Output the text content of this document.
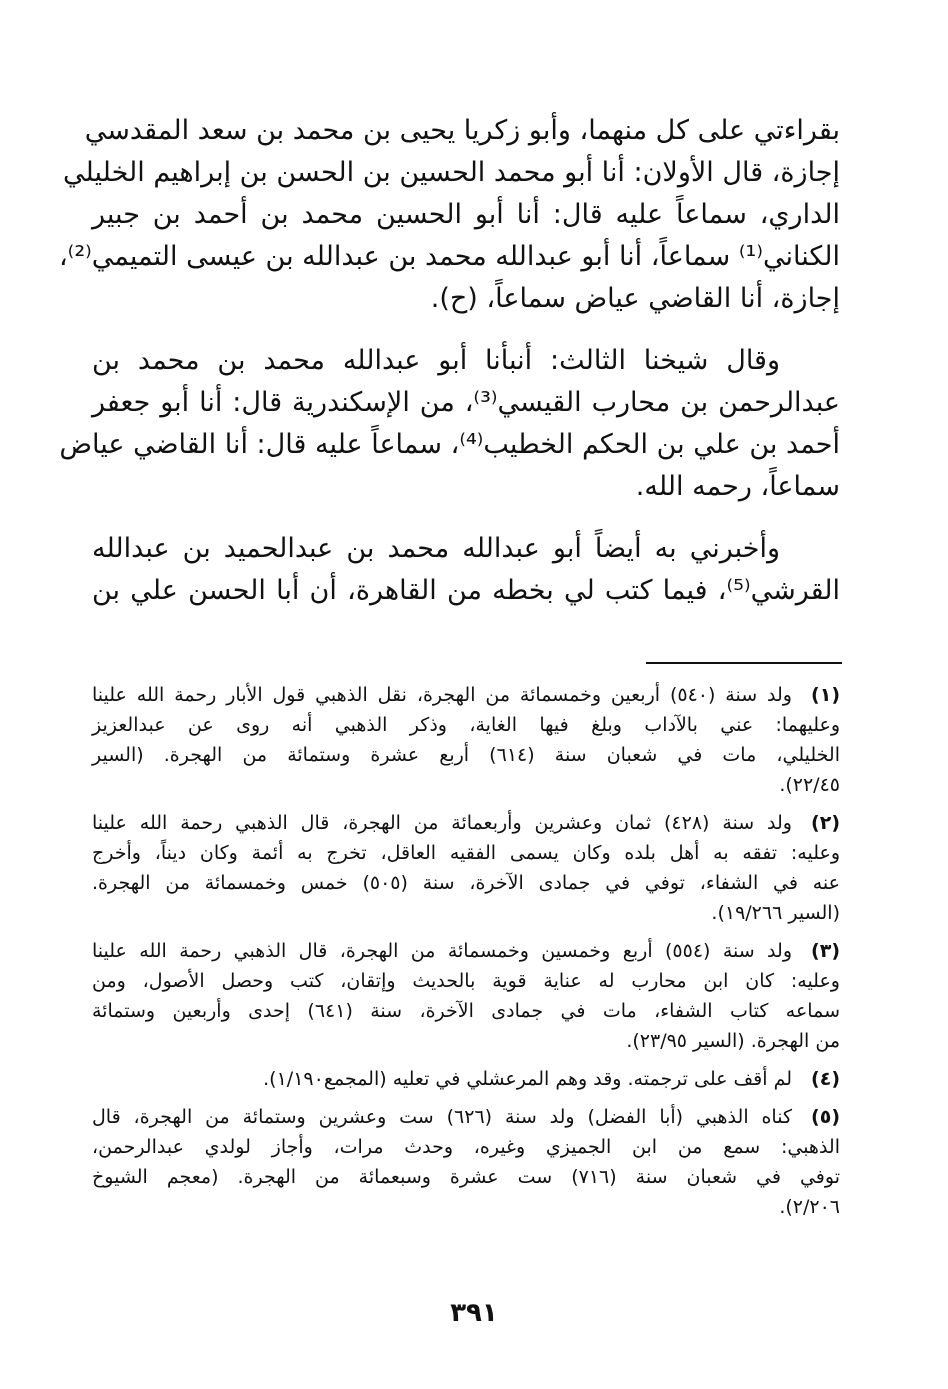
بقراءتي على كل منهما، وأبو زكريا يحيى بن محمد بن سعد المقدسي
إجازة، قال الأولان: أنا أبو محمد الحسين بن الحسن بن إبراهيم الخليلي
الداري، سماعاً عليه قال: أنا أبو الحسين محمد بن أحمد بن جبير
الكناني⁽¹⁾ سماعاً، أنا أبو عبدالله محمد بن عبدالله بن عيسى التميمي⁽²⁾،
إجازة، أنا القاضي عياض سماعاً، (ح).
وقال شيخنا الثالث: أنبأنا أبو عبدالله محمد بن محمد بن
عبدالرحمن بن محارب القيسي⁽³⁾، من الإسكندرية قال: أنا أبو جعفر
أحمد بن علي بن الحكم الخطيب⁽⁴⁾، سماعاً عليه قال: أنا القاضي عياض
سماعاً، رحمه الله.
وأخبرني به أيضاً أبو عبدالله محمد بن عبدالحميد بن عبدالله
القرشي⁽⁵⁾، فيما كتب لي بخطه من القاهرة، أن أبا الحسن علي بن
(١)
ولد سنة (٥٤٠) أربعين وخمسمائة من الهجرة، نقل الذهبي قول الأبار رحمة الله علينا
وعليهما: عني بالآداب وبلغ فيها الغاية، وذكر الذهبي أنه روى عن عبدالعزيز
الخليلي، مات في شعبان سنة (٦١٤) أربع عشرة وستمائة من الهجرة. (السير
٢٢/٤٥).
(٢)
ولد سنة (٤٢٨) ثمان وعشرين وأربعمائة من الهجرة، قال الذهبي رحمة الله علينا
وعليه: تفقه به أهل بلده وكان يسمى الفقيه العاقل، تخرج به أئمة وكان ديناً، وأخرج
عنه في الشفاء، توفي في جمادى الآخرة، سنة (٥٠٥) خمس وخمسمائة من الهجرة.
(السير ١٩/٢٦٦).
(٣)
ولد سنة (٥٥٤) أربع وخمسين وخمسمائة من الهجرة، قال الذهبي رحمة الله علينا
وعليه: كان ابن محارب له عناية قوية بالحديث وإتقان، كتب وحصل الأصول، ومن
سماعه كتاب الشفاء، مات في جمادى الآخرة، سنة (٦٤١) إحدى وأربعين وستمائة
من الهجرة. (السير ٢٣/٩٥).
(٤)
لم أقف على ترجمته. وقد وهم المرعشلي في تعليه (المجمع١/١٩٠).
(٥)
كناه الذهبي (أبا الفضل) ولد سنة (٦٢٦) ست وعشرين وستمائة من الهجرة، قال
الذهبي: سمع من ابن الجميزي وغيره، وحدث مرات، وأجاز لولدي عبدالرحمن،
توفي في شعبان سنة (٧١٦) ست عشرة وسبعمائة من الهجرة. (معجم الشيوخ
٢/٢٠٦).
٣٩١
